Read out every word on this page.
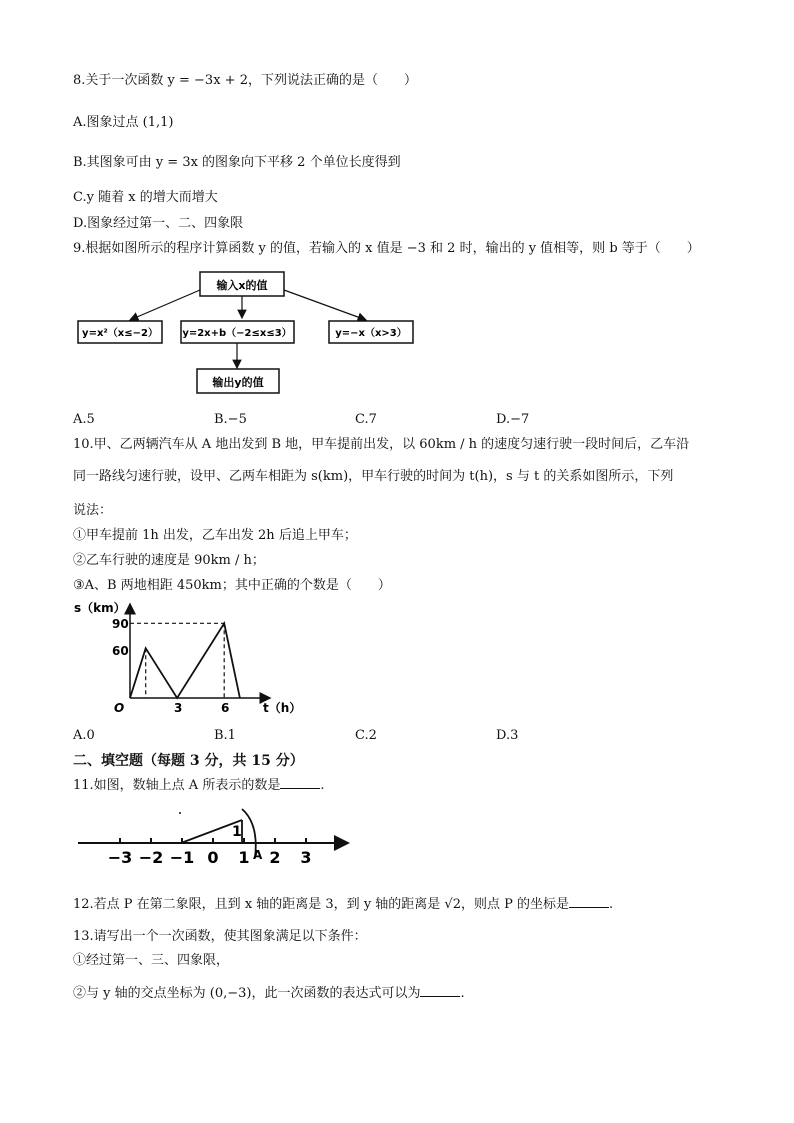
8.关于一次函数 y = −3x + 2，下列说法正确的是（　　）
A.图象过点 (1,1)
B.其图象可由 y = 3x 的图象向下平移 2 个单位长度得到
C.y 随着 x 的增大而增大
D.图象经过第一、二、四象限
9.根据如图所示的程序计算函数 y 的值，若输入的 x 值是 −3 和 2 时，输出的 y 值相等，则 b 等于（　　）
输入x的值
y=x²（x≤−2） y=2x+b（−2≤x≤3）	y=−x（x>3）
输出y的值
A.5	B.−5	C.7	D.−7
10.甲、乙两辆汽车从 A 地出发到 B 地，甲车提前出发，以 60km / h 的速度匀速行驶一段时间后，乙车沿
同一路线匀速行驶，设甲、乙两车相距为 s(km)，甲车行驶的时间为 t(h)，s 与 t 的关系如图所示，下列
说法：
①甲车提前 1h 出发，乙车出发 2h 后追上甲车；
②乙车行驶的速度是 90km / h；
③A、B 两地相距 450km；其中正确的个数是（　　）
s（km）
t（h）
O
90
60
3	6
A.0	B.1	C.2	D.3
二、填空题（每题 3 分，共 15 分）
11.如图，数轴上点 A 所表示的数是	.
−3 −2 −1 0 1 2 3
1
A
12.若点 P 在第二象限，且到 x 轴的距离是 3，到 y 轴的距离是 √2，则点 P 的坐标是	.
13.请写出一个一次函数，使其图象满足以下条件：
①经过第一、三、四象限，
②与 y 轴的交点坐标为 (0,−3)，此一次函数的表达式可以为	.
